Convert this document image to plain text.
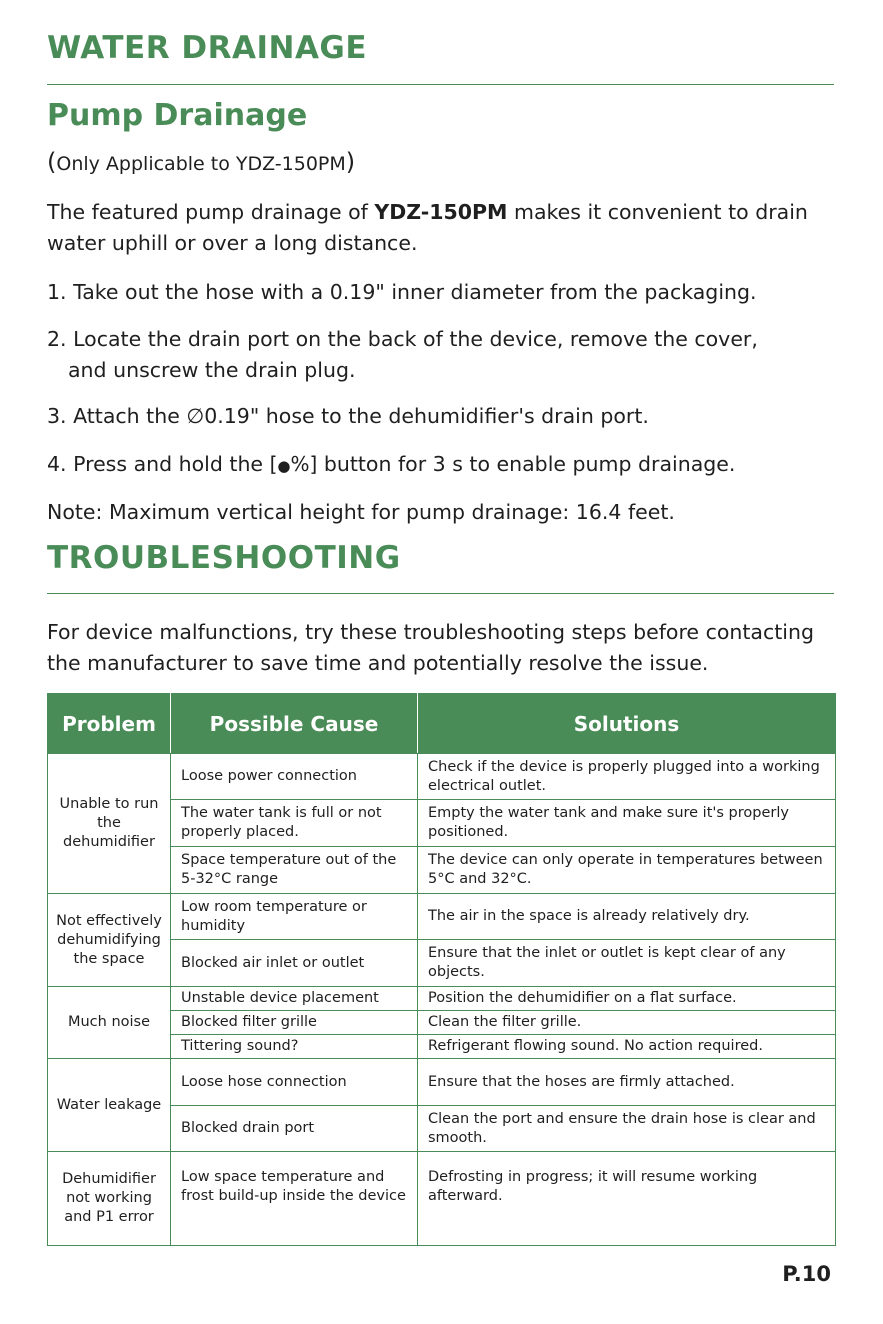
WATER DRAINAGE
Pump Drainage
(Only Applicable to YDZ-150PM)
The featured pump drainage of YDZ-150PM makes it convenient to drain water uphill or over a long distance.
1. Take out the hose with a 0.19" inner diameter from the packaging.
2. Locate the drain port on the back of the device, remove the cover,
and unscrew the drain plug.
3. Attach the ∅0.19" hose to the dehumidifier's drain port.
4. Press and hold the [●%] button for 3 s to enable pump drainage.
Note: Maximum vertical height for pump drainage: 16.4 feet.
TROUBLESHOOTING
For device malfunctions, try these troubleshooting steps before contacting the manufacturer to save time and potentially resolve the issue.
Problem	Possible Cause	Solutions
Unable to run the dehumidifier	Loose power connection	Check if the device is properly plugged into a working electrical outlet.
	The water tank is full or not properly placed.	Empty the water tank and make sure it's properly positioned.
	Space temperature out of the 5-32°C range	The device can only operate in temperatures between 5°C and 32°C.
Not effectively dehumidifying the space	Low room temperature or humidity	The air in the space is already relatively dry.
	Blocked air inlet or outlet	Ensure that the inlet or outlet is kept clear of any objects.
Much noise	Unstable device placement	Position the dehumidifier on a flat surface.
	Blocked filter grille	Clean the filter grille.
	Tittering sound?	Refrigerant flowing sound. No action required.
Water leakage	Loose hose connection	Ensure that the hoses are firmly attached.
	Blocked drain port	Clean the port and ensure the drain hose is clear and smooth.
Dehumidifier not working and P1 error	Low space temperature and frost build-up inside the device	Defrosting in progress; it will resume working afterward.
P.10
